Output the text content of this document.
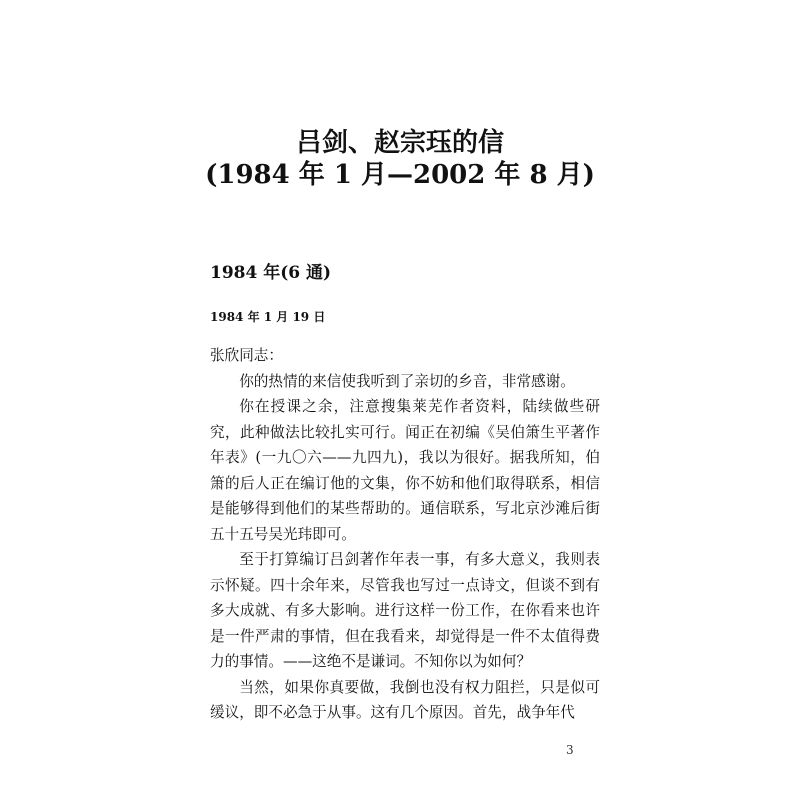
吕剑、赵宗珏的信
(1984 年 1 月—2002 年 8 月)
1984 年(6 通)
1984 年 1 月 19 日

张欣同志：

你的热情的来信使我听到了亲切的乡音，非常感谢。

你在授课之余，注意搜集莱芜作者资料，陆续做些研究，此种做法比较扎实可行。闻正在初编《吴伯箫生平著作年表》(一九〇六——九四九)，我以为很好。据我所知，伯箫的后人正在编订他的文集，你不妨和他们取得联系，相信是能够得到他们的某些帮助的。通信联系，写北京沙滩后街五十五号吴光玮即可。

至于打算编订吕剑著作年表一事，有多大意义，我则表示怀疑。四十余年来，尽管我也写过一点诗文，但谈不到有多大成就、有多大影响。进行这样一份工作，在你看来也许是一件严肃的事情，但在我看来，却觉得是一件不太值得费力的事情。——这绝不是谦词。不知你以为如何？

当然，如果你真要做，我倒也没有权力阻拦，只是似可缓议，即不必急于从事。这有几个原因。首先，战争年代

3
